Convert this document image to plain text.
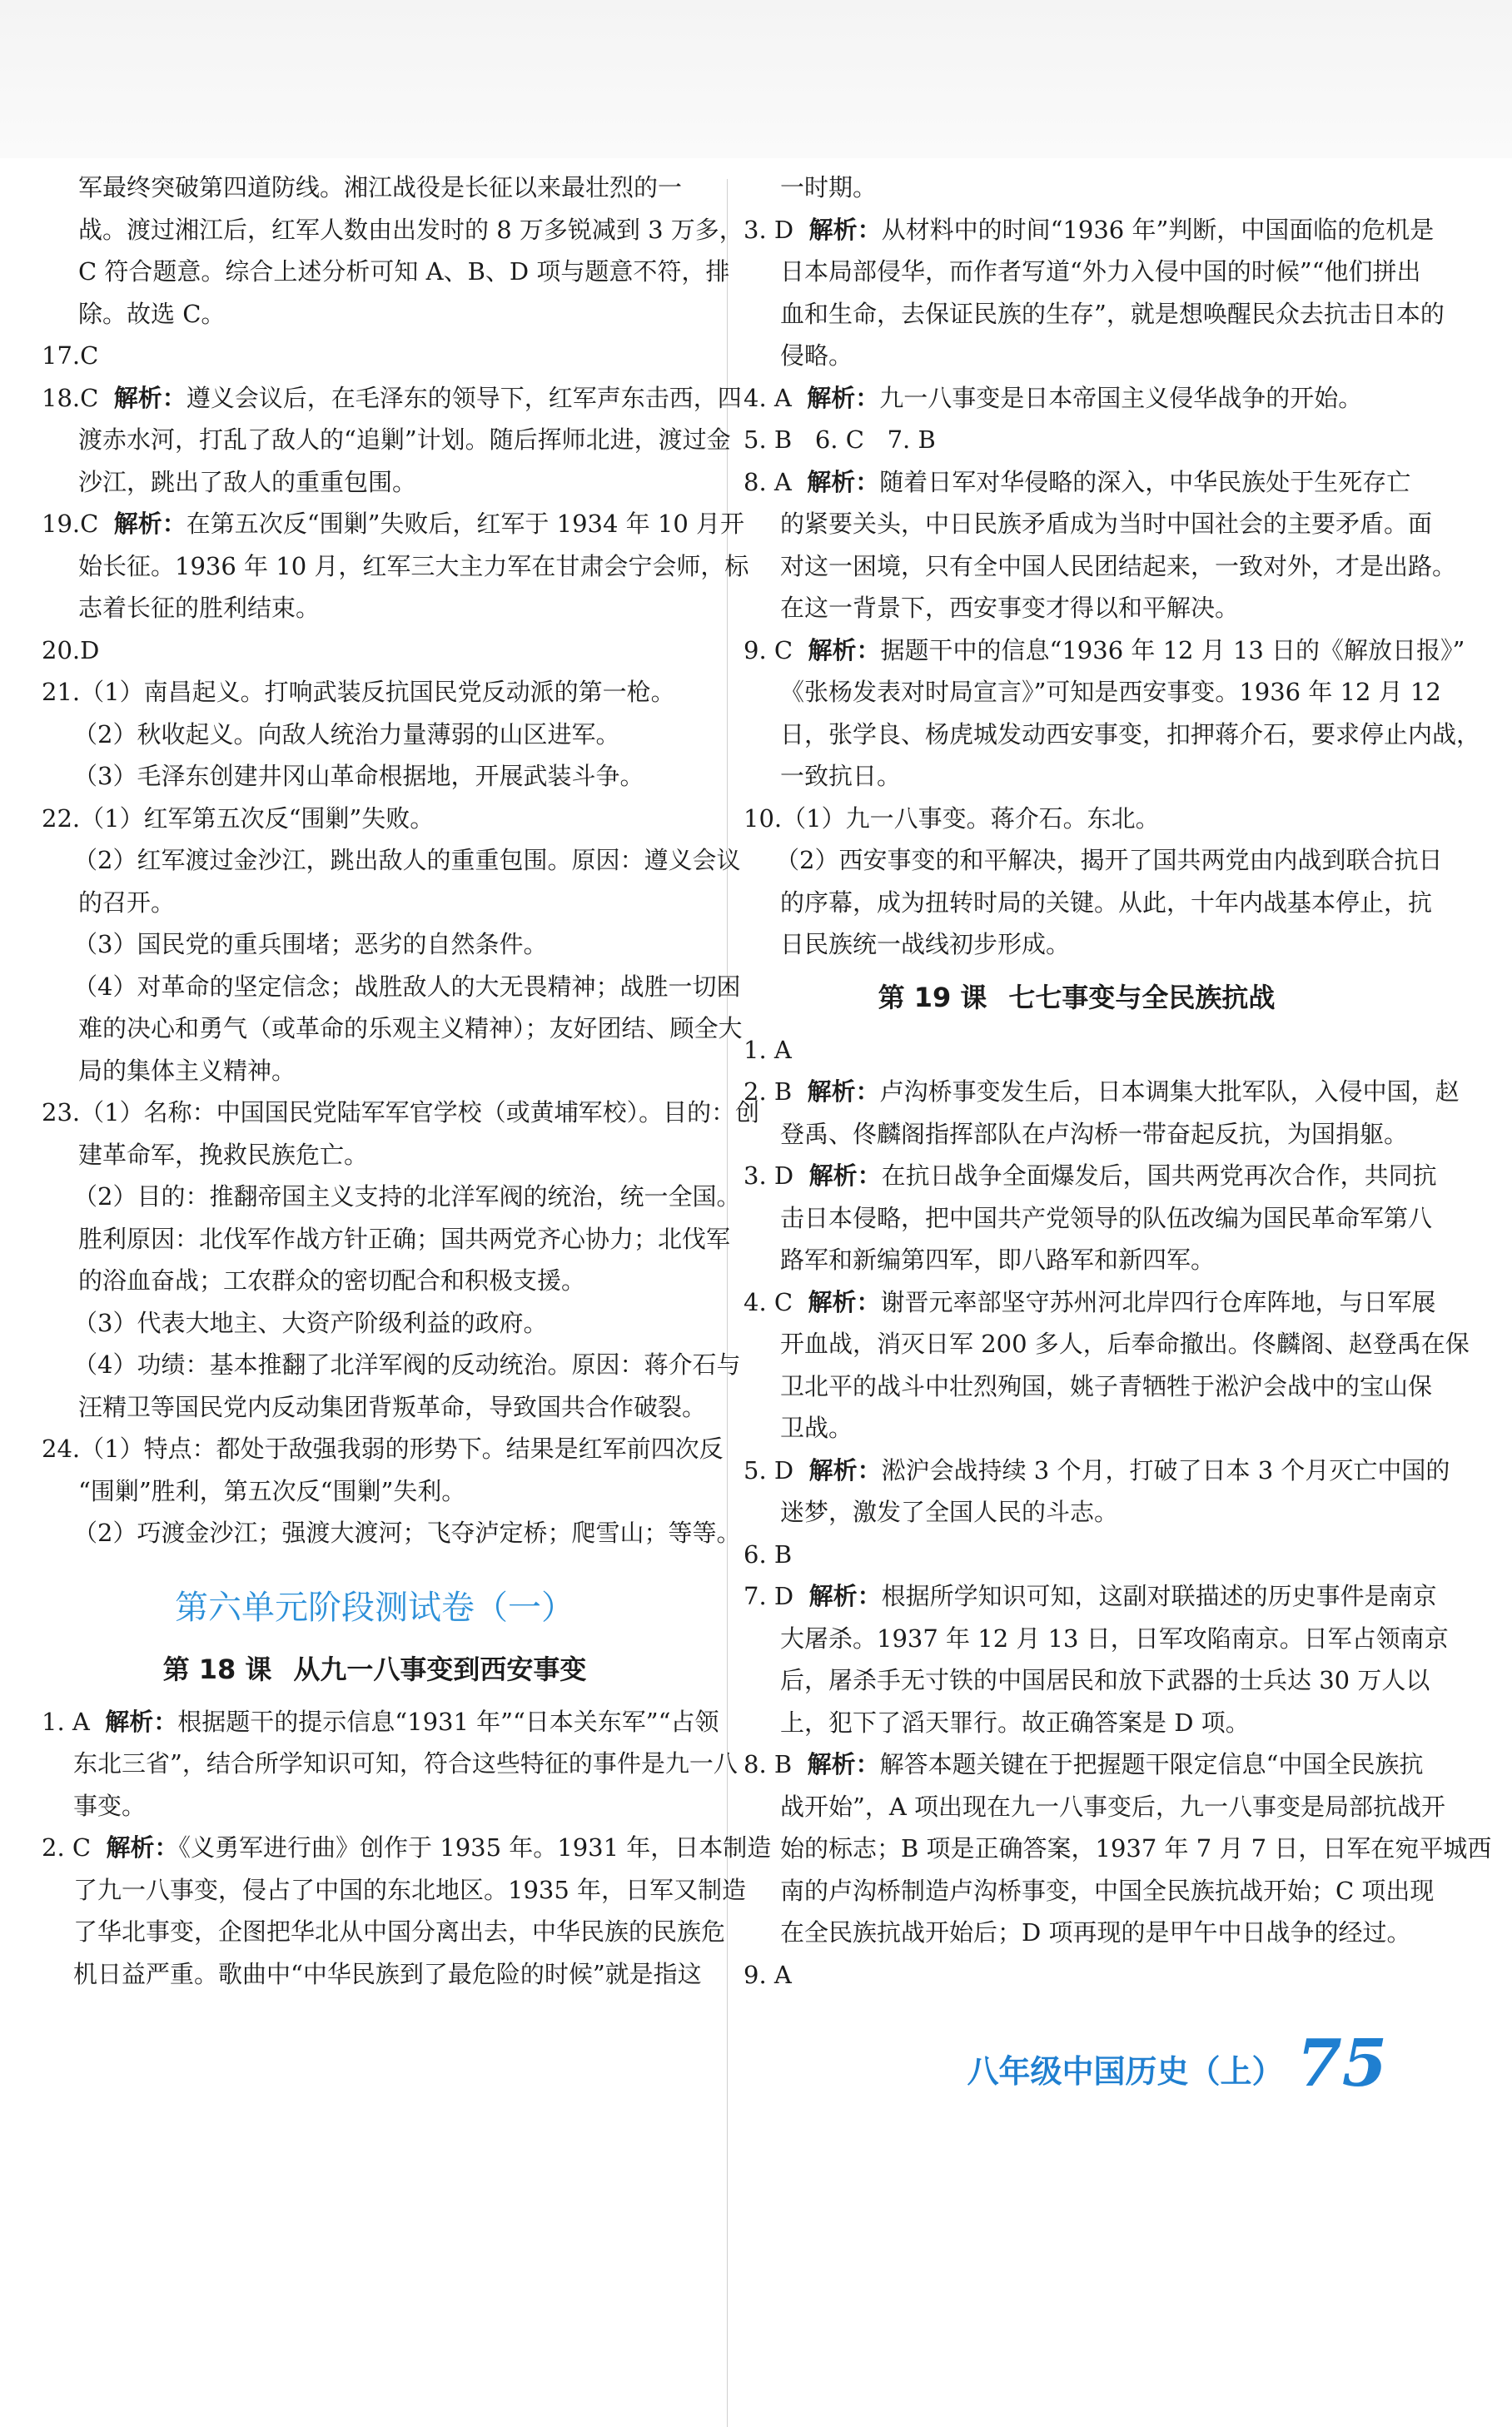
军最终突破第四道防线。湘江战役是长征以来最壮烈的一
战。渡过湘江后，红军人数由出发时的 8 万多锐减到 3 万多，
C 符合题意。综合上述分析可知 A、B、D 项与题意不符，排
除。故选 C。
17.C
18.C 解析：遵义会议后，在毛泽东的领导下，红军声东击西，四
渡赤水河，打乱了敌人的“追剿”计划。随后挥师北进，渡过金
沙江，跳出了敌人的重重包围。
19.C 解析：在第五次反“围剿”失败后，红军于 1934 年 10 月开
始长征。1936 年 10 月，红军三大主力军在甘肃会宁会师，标
志着长征的胜利结束。
20.D
21.（1）南昌起义。打响武装反抗国民党反动派的第一枪。
（2）秋收起义。向敌人统治力量薄弱的山区进军。
（3）毛泽东创建井冈山革命根据地，开展武装斗争。
22.（1）红军第五次反“围剿”失败。
（2）红军渡过金沙江，跳出敌人的重重包围。原因：遵义会议
的召开。
（3）国民党的重兵围堵；恶劣的自然条件。
（4）对革命的坚定信念；战胜敌人的大无畏精神；战胜一切困
难的决心和勇气（或革命的乐观主义精神）；友好团结、顾全大
局的集体主义精神。
23.（1）名称：中国国民党陆军军官学校（或黄埔军校）。目的：创
建革命军，挽救民族危亡。
（2）目的：推翻帝国主义支持的北洋军阀的统治，统一全国。
胜利原因：北伐军作战方针正确；国共两党齐心协力；北伐军
的浴血奋战；工农群众的密切配合和积极支援。
（3）代表大地主、大资产阶级利益的政府。
（4）功绩：基本推翻了北洋军阀的反动统治。原因：蒋介石与
汪精卫等国民党内反动集团背叛革命，导致国共合作破裂。
24.（1）特点：都处于敌强我弱的形势下。结果是红军前四次反
“围剿”胜利，第五次反“围剿”失利。
（2）巧渡金沙江；强渡大渡河；飞夺泸定桥；爬雪山；等等。
第六单元阶段测试卷（一）
第 18 课 从九一八事变到西安事变
1. A 解析：根据题干的提示信息“1931 年”“日本关东军”“占领
东北三省”，结合所学知识可知，符合这些特征的事件是九一八
事变。
2. C 解析：《义勇军进行曲》创作于 1935 年。1931 年，日本制造
了九一八事变，侵占了中国的东北地区。1935 年，日军又制造
了华北事变，企图把华北从中国分离出去，中华民族的民族危
机日益严重。歌曲中“中华民族到了最危险的时候”就是指这
一时期。
3. D 解析：从材料中的时间“1936 年”判断，中国面临的危机是
日本局部侵华，而作者写道“外力入侵中国的时候”“他们拼出
血和生命，去保证民族的生存”，就是想唤醒民众去抗击日本的
侵略。
4. A 解析：九一八事变是日本帝国主义侵华战争的开始。
5. B   6. C   7. B
8. A 解析：随着日军对华侵略的深入，中华民族处于生死存亡
的紧要关头，中日民族矛盾成为当时中国社会的主要矛盾。面
对这一困境，只有全中国人民团结起来，一致对外，才是出路。
在这一背景下，西安事变才得以和平解决。
9. C 解析：据题干中的信息“1936 年 12 月 13 日的《解放日报》”
《张杨发表对时局宣言》”可知是西安事变。1936 年 12 月 12
日，张学良、杨虎城发动西安事变，扣押蒋介石，要求停止内战，
一致抗日。
10.（1）九一八事变。蒋介石。东北。
（2）西安事变的和平解决，揭开了国共两党由内战到联合抗日
的序幕，成为扭转时局的关键。从此，十年内战基本停止，抗
日民族统一战线初步形成。
第 19 课 七七事变与全民族抗战
1. A
2. B 解析：卢沟桥事变发生后，日本调集大批军队，入侵中国，赵
登禹、佟麟阁指挥部队在卢沟桥一带奋起反抗，为国捐躯。
3. D 解析：在抗日战争全面爆发后，国共两党再次合作，共同抗
击日本侵略，把中国共产党领导的队伍改编为国民革命军第八
路军和新编第四军，即八路军和新四军。
4. C 解析：谢晋元率部坚守苏州河北岸四行仓库阵地，与日军展
开血战，消灭日军 200 多人，后奉命撤出。佟麟阁、赵登禹在保
卫北平的战斗中壮烈殉国，姚子青牺牲于淞沪会战中的宝山保
卫战。
5. D 解析：淞沪会战持续 3 个月，打破了日本 3 个月灭亡中国的
迷梦，激发了全国人民的斗志。
6. B
7. D 解析：根据所学知识可知，这副对联描述的历史事件是南京
大屠杀。1937 年 12 月 13 日，日军攻陷南京。日军占领南京
后，屠杀手无寸铁的中国居民和放下武器的士兵达 30 万人以
上，犯下了滔天罪行。故正确答案是 D 项。
8. B 解析：解答本题关键在于把握题干限定信息“中国全民族抗
战开始”，A 项出现在九一八事变后，九一八事变是局部抗战开
始的标志；B 项是正确答案，1937 年 7 月 7 日，日军在宛平城西
南的卢沟桥制造卢沟桥事变，中国全民族抗战开始；C 项出现
在全民族抗战开始后；D 项再现的是甲午中日战争的经过。
9. A
八年级中国历史（上） 75
